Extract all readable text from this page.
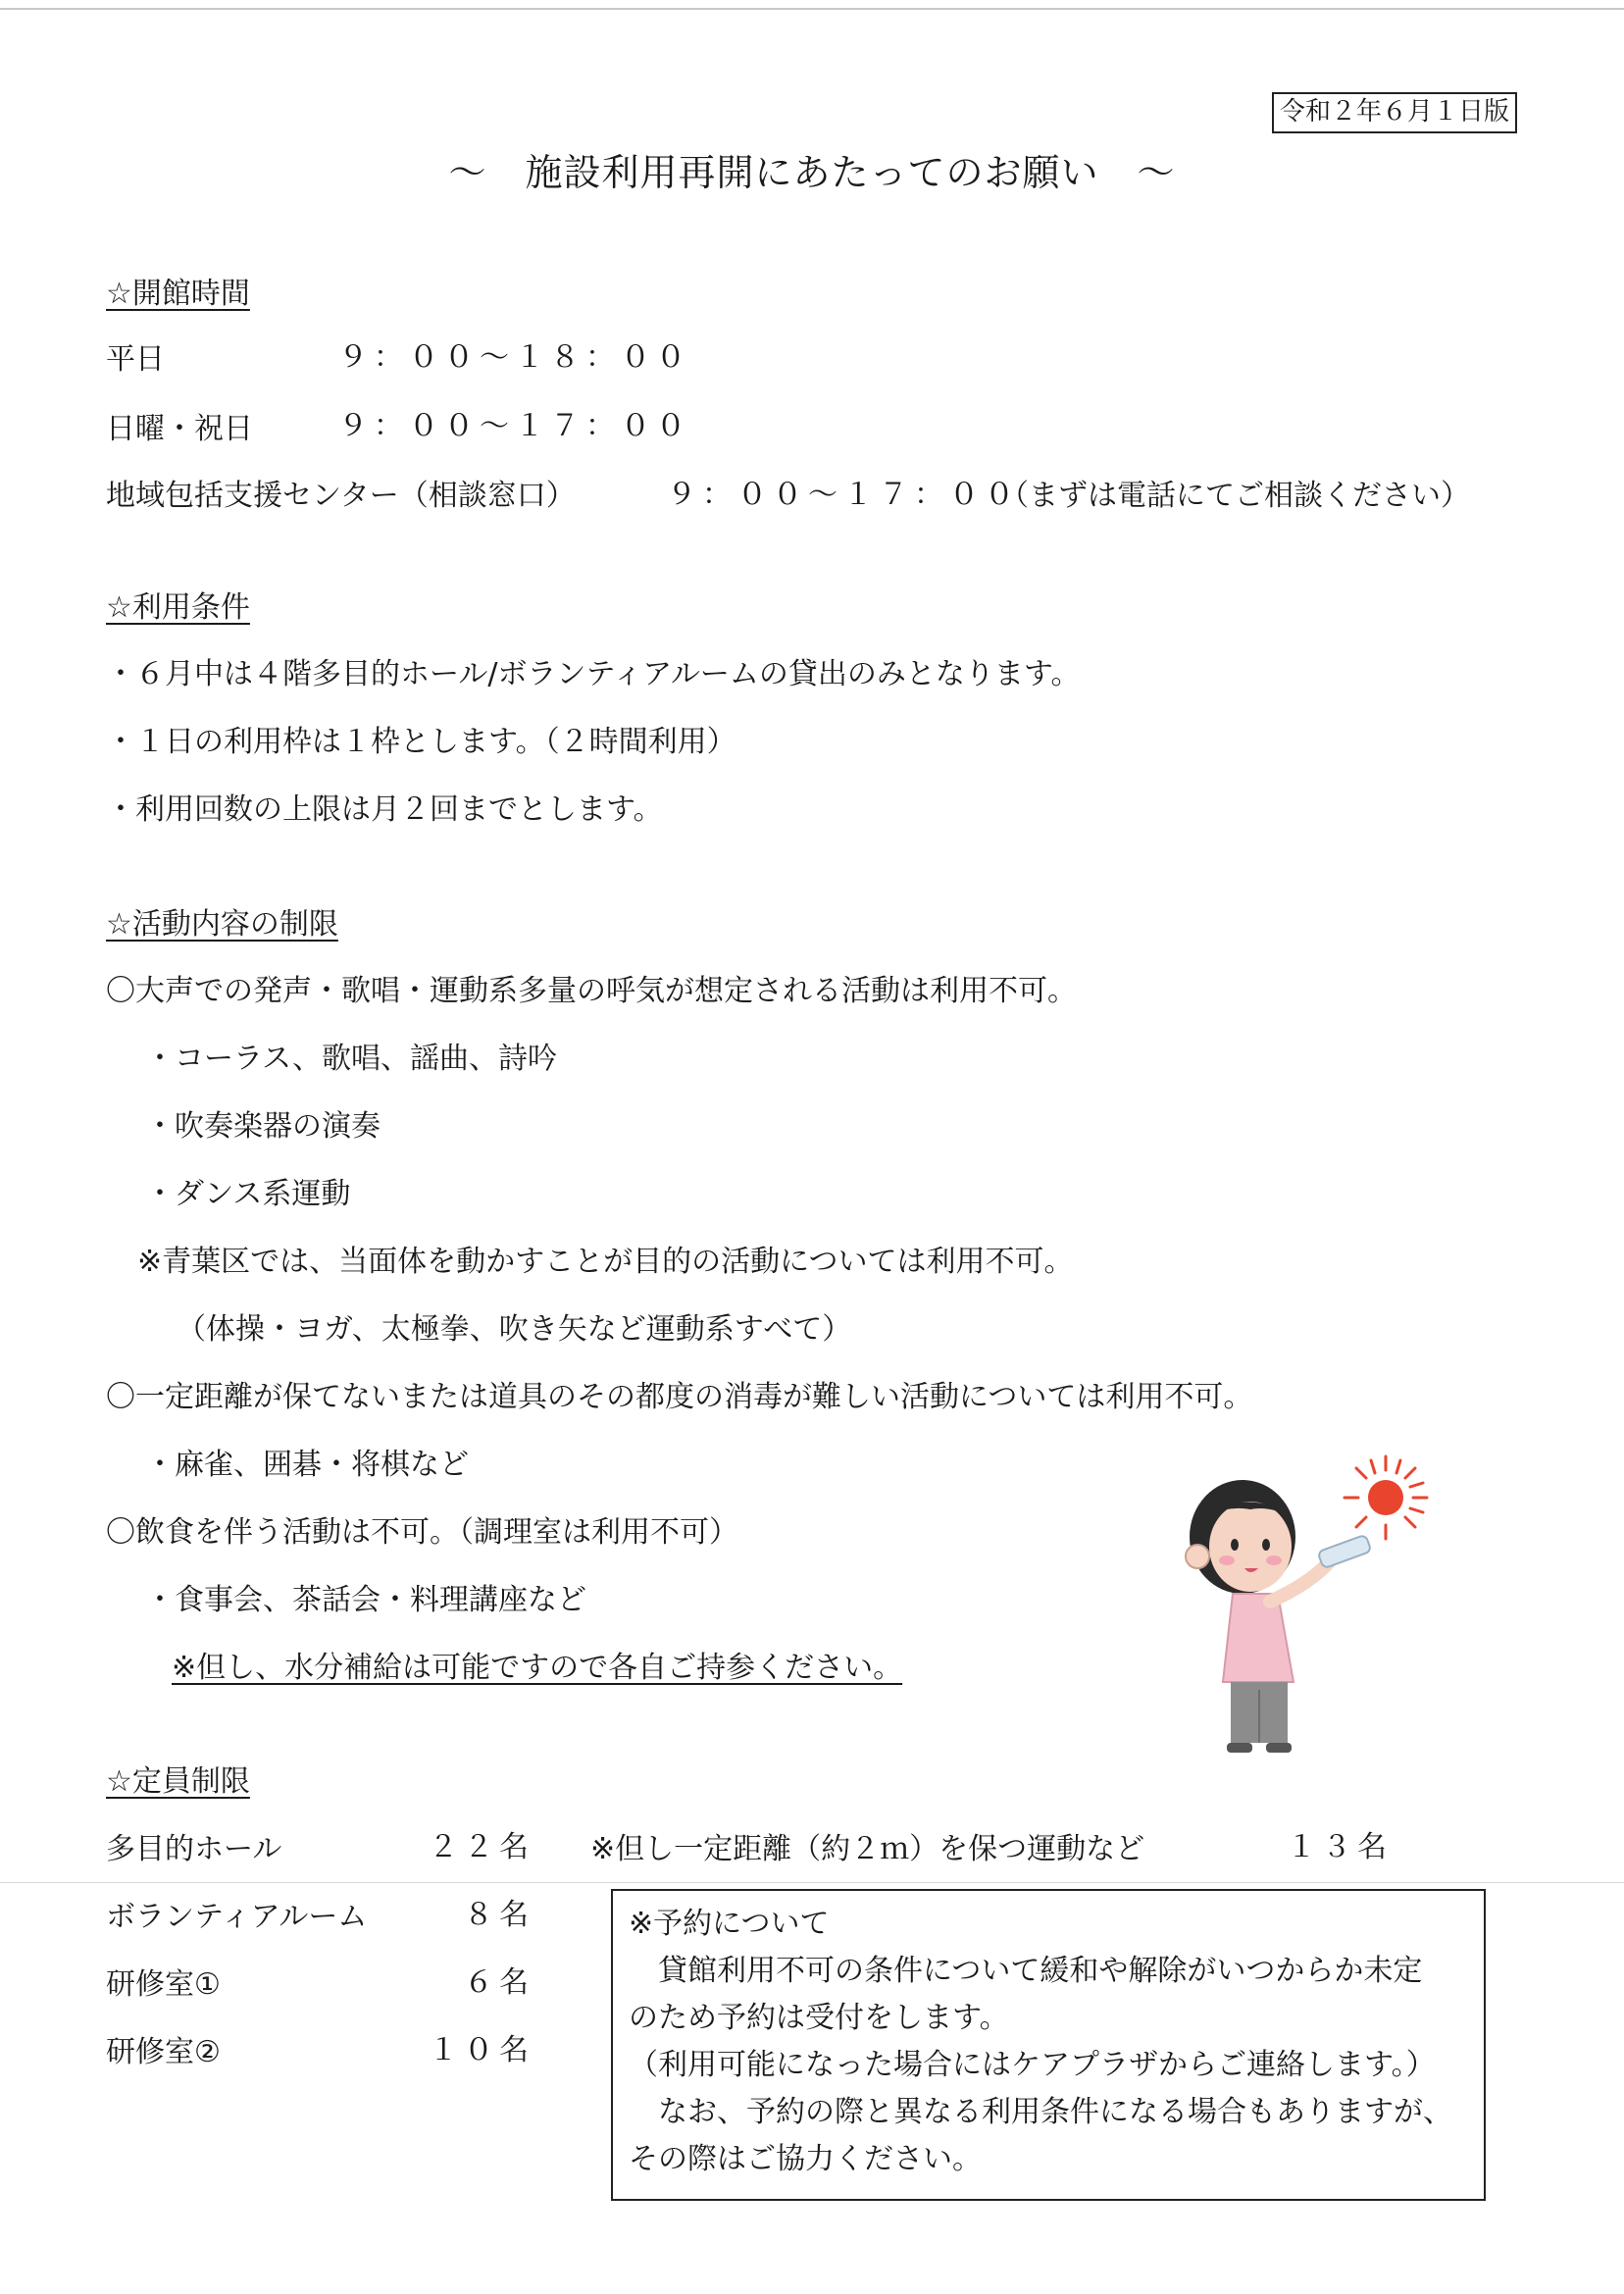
令和２年６月１日版
～　施設利用再開にあたってのお願い　～
☆開館時間
平日	９：００～１８：００
日曜・祝日	９：００～１７：００
地域包括支援センター（相談窓口）	９：００～１７：００
（まずは電話にてご相談ください）
☆利用条件
・６月中は４階多目的ホール/ボランティアルームの貸出のみとなります。
・１日の利用枠は１枠とします。（２時間利用）
・利用回数の上限は月２回までとします。
☆活動内容の制限
〇大声での発声・歌唱・運動系多量の呼気が想定される活動は利用不可。
・コーラス、歌唱、謡曲、詩吟
・吹奏楽器の演奏
・ダンス系運動
※青葉区では、当面体を動かすことが目的の活動については利用不可。
（体操・ヨガ、太極拳、吹き矢など運動系すべて）
〇一定距離が保てないまたは道具のその都度の消毒が難しい活動については利用不可。
・麻雀、囲碁・将棋など
〇飲食を伴う活動は不可。（調理室は利用不可）
・食事会、茶話会・料理講座など
※但し、水分補給は可能ですので各自ご持参ください。
☆定員制限
多目的ホール	２２名 ※但し一定距離（約２ｍ）を保つ運動など	１３名
ボランティアルーム	８名
研修室①	６名
研修室②	１０名
※予約について
　貸館利用不可の条件について緩和や解除がいつからか未定
のため予約は受付をします。
（利用可能になった場合にはケアプラザからご連絡します。）
　なお、予約の際と異なる利用条件になる場合もありますが、
その際はご協力ください。
